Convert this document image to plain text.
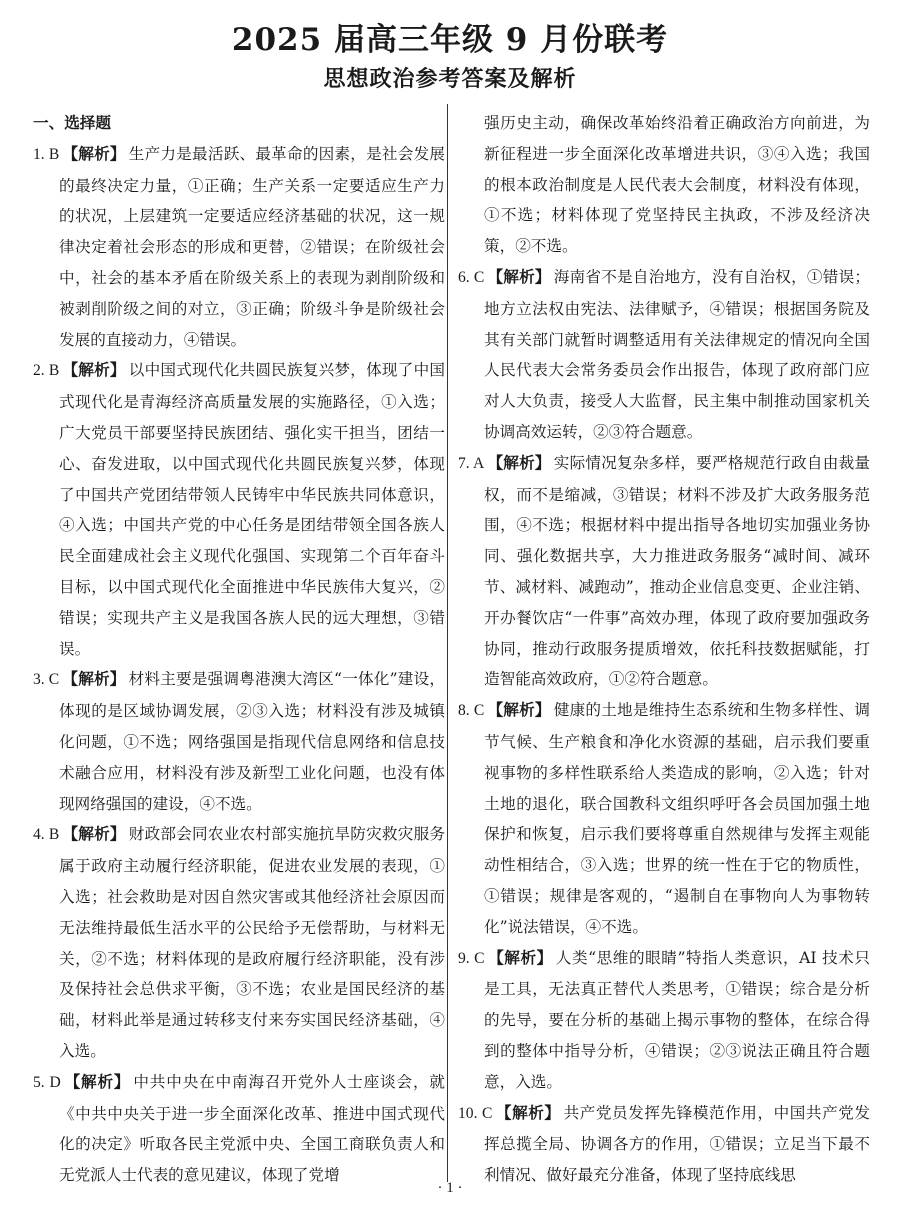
2025 届高三年级 9 月份联考
思想政治参考答案及解析

一、选择题

1. B 【解析】 生产力是最活跃、最革命的因素，是社会发展的最终决定力量，①正确；生产关系一定要适应生产力的状况，上层建筑一定要适应经济基础的状况，这一规律决定着社会形态的形成和更替，②错误；在阶级社会中，社会的基本矛盾在阶级关系上的表现为剥削阶级和被剥削阶级之间的对立，③正确；阶级斗争是阶级社会发展的直接动力，④错误。

2. B 【解析】 以中国式现代化共圆民族复兴梦，体现了中国式现代化是青海经济高质量发展的实施路径，①入选；广大党员干部要坚持民族团结、强化实干担当，团结一心、奋发进取，以中国式现代化共圆民族复兴梦，体现了中国共产党团结带领人民铸牢中华民族共同体意识，④入选；中国共产党的中心任务是团结带领全国各族人民全面建成社会主义现代化强国、实现第二个百年奋斗目标，以中国式现代化全面推进中华民族伟大复兴，②错误；实现共产主义是我国各族人民的远大理想，③错误。

3. C 【解析】 材料主要是强调粤港澳大湾区“一体化”建设，体现的是区域协调发展，②③入选；材料没有涉及城镇化问题，①不选；网络强国是指现代信息网络和信息技术融合应用，材料没有涉及新型工业化问题，也没有体现网络强国的建设，④不选。

4. B 【解析】 财政部会同农业农村部实施抗旱防灾救灾服务属于政府主动履行经济职能，促进农业发展的表现，①入选；社会救助是对因自然灾害或其他经济社会原因而无法维持最低生活水平的公民给予无偿帮助，与材料无关，②不选；材料体现的是政府履行经济职能，没有涉及保持社会总供求平衡，③不选；农业是国民经济的基础，材料此举是通过转移支付来夯实国民经济基础，④入选。

5. D 【解析】 中共中央在中南海召开党外人士座谈会，就《中共中央关于进一步全面深化改革、推进中国式现代化的决定》听取各民主党派中央、全国工商联负责人和无党派人士代表的意见建议，体现了党增

强历史主动，确保改革始终沿着正确政治方向前进，为新征程进一步全面深化改革增进共识，③④入选；我国的根本政治制度是人民代表大会制度，材料没有体现，①不选；材料体现了党坚持民主执政，不涉及经济决策，②不选。

6. C 【解析】 海南省不是自治地方，没有自治权，①错误；地方立法权由宪法、法律赋予，④错误；根据国务院及其有关部门就暂时调整适用有关法律规定的情况向全国人民代表大会常务委员会作出报告，体现了政府部门应对人大负责，接受人大监督，民主集中制推动国家机关协调高效运转，②③符合题意。

7. A 【解析】 实际情况复杂多样，要严格规范行政自由裁量权，而不是缩减，③错误；材料不涉及扩大政务服务范围，④不选；根据材料中提出指导各地切实加强业务协同、强化数据共享，大力推进政务服务“减时间、减环节、减材料、减跑动”，推动企业信息变更、企业注销、开办餐饮店“一件事”高效办理，体现了政府要加强政务协同，推动行政服务提质增效，依托科技数据赋能，打造智能高效政府，①②符合题意。

8. C 【解析】 健康的土地是维持生态系统和生物多样性、调节气候、生产粮食和净化水资源的基础，启示我们要重视事物的多样性联系给人类造成的影响，②入选；针对土地的退化，联合国教科文组织呼吁各会员国加强土地保护和恢复，启示我们要将尊重自然规律与发挥主观能动性相结合，③入选；世界的统一性在于它的物质性，①错误；规律是客观的，“遏制自在事物向人为事物转化”说法错误，④不选。

9. C 【解析】 人类“思维的眼睛”特指人类意识，AI 技术只是工具，无法真正替代人类思考，①错误；综合是分析的先导，要在分析的基础上揭示事物的整体，在综合得到的整体中指导分析，④错误；②③说法正确且符合题意，入选。

10. C 【解析】 共产党员发挥先锋模范作用，中国共产党发挥总揽全局、协调各方的作用，①错误；立足当下最不利情况、做好最充分准备，体现了坚持底线思

· 1 ·
